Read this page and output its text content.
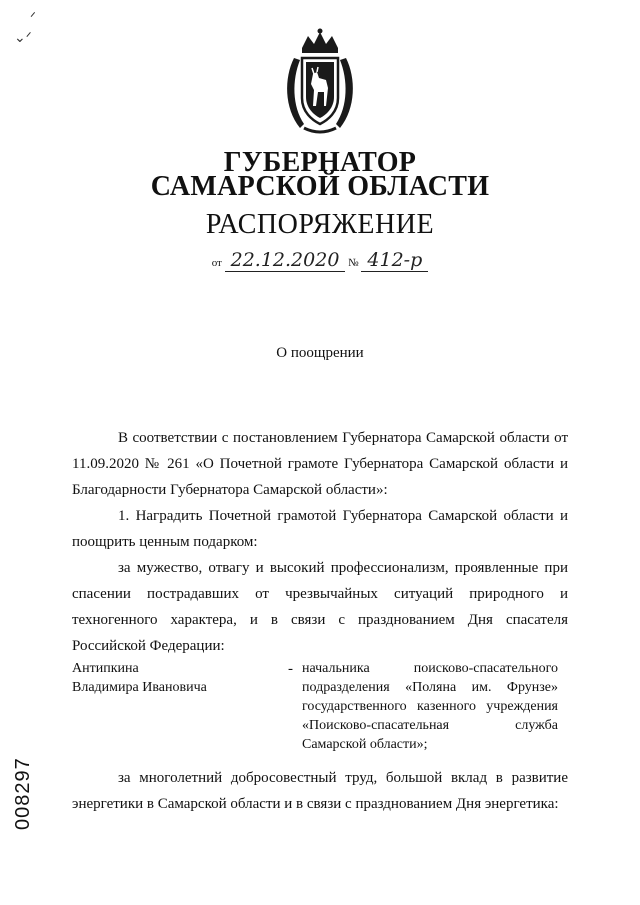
ᐟ
⌄ᐟ
ГУБЕРНАТОР
САМАРСКОЙ ОБЛАСТИ
РАСПОРЯЖЕНИЕ
от 22.12.2020 № 412-р
О поощрении
В соответствии с постановлением Губернатора Самарской области от 11.09.2020 № 261 «О Почетной грамоте Губернатора Самарской области и Благодарности Губернатора Самарской области»:
1. Наградить Почетной грамотой Губернатора Самарской области и поощрить ценным подарком:
за мужество, отвагу и высокий профессионализм, проявленные при спасении пострадавших от чрезвычайных ситуаций природного и техногенного характера, и в связи с празднованием Дня спасателя Российской Федерации:
Антипкина
Владимира Ивановича
- начальника поисково-спасательного подразделения «Поляна им. Фрунзе» государственного казенного учреждения «Поисково-спасательная служба Самарской области»;
за многолетний добросовестный труд, большой вклад в развитие энергетики в Самарской области и в связи с празднованием Дня энергетика:
008297
